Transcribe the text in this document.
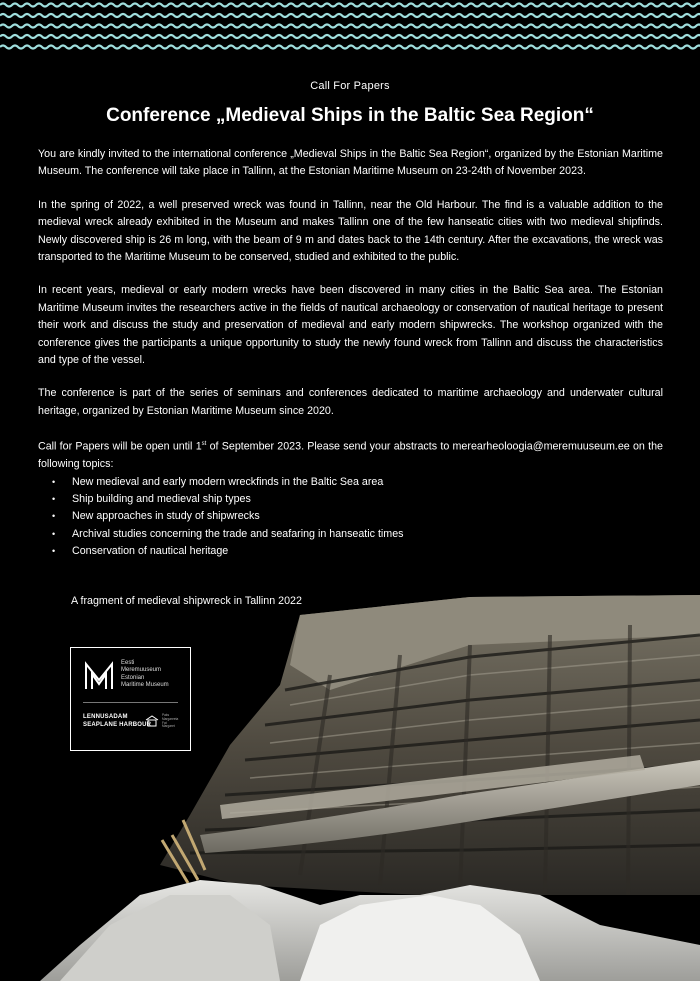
Call For Papers
Conference „Medieval Ships in the Baltic Sea Region“

You are kindly invited to the international conference „Medieval Ships in the Baltic Sea Region“, organized by the Estonian Maritime Museum. The conference will take place in Tallinn, at the Estonian Maritime Museum on 23-24th of November 2023.

In the spring of 2022, a well preserved wreck was found in Tallinn, near the Old Harbour. The find is a valuable addition to the medieval wreck already exhibited in the Museum and makes Tallinn one of the few hanseatic cities with two medieval shipfinds. Newly discovered ship is 26 m long, with the beam of 9 m and dates back to the 14th century. After the excavations, the wreck was transported to the Maritime Museum to be conserved, studied and exhibited to the public.

In recent years, medieval or early modern wrecks have been discovered in many cities in the Baltic Sea area. The Estonian Maritime Museum invites the researchers active in the fields of nautical archaeology or conservation of nautical heritage to present their work and discuss the study and preservation of medieval and early modern shipwrecks. The workshop organized with the conference gives the participants a unique opportunity to study the newly found wreck from Tallinn and discuss the characteristics and type of the vessel.

The conference is part of the series of seminars and conferences dedicated to maritime archaeology and underwater cultural heritage, organized by Estonian Maritime Museum since 2020.

Call for Papers will be open until 1st of September 2023. Please send your abstracts to merearheoloogia@meremuuseum.ee on the following topics:

• New medieval and early modern wreckfinds in the Baltic Sea area
• Ship building and medieval ship types
• New approaches in study of shipwrecks
• Archival studies concerning the trade and seafaring in hanseatic times
• Conservation of nautical heritage
A fragment of medieval shipwreck in Tallinn 2022
Eesti
Meremuuseum
Estonian
Maritime Museum
LENNUSADAM
SEAPLANE HARBOUR
Paks
Margareeta
Fat
Margaret
